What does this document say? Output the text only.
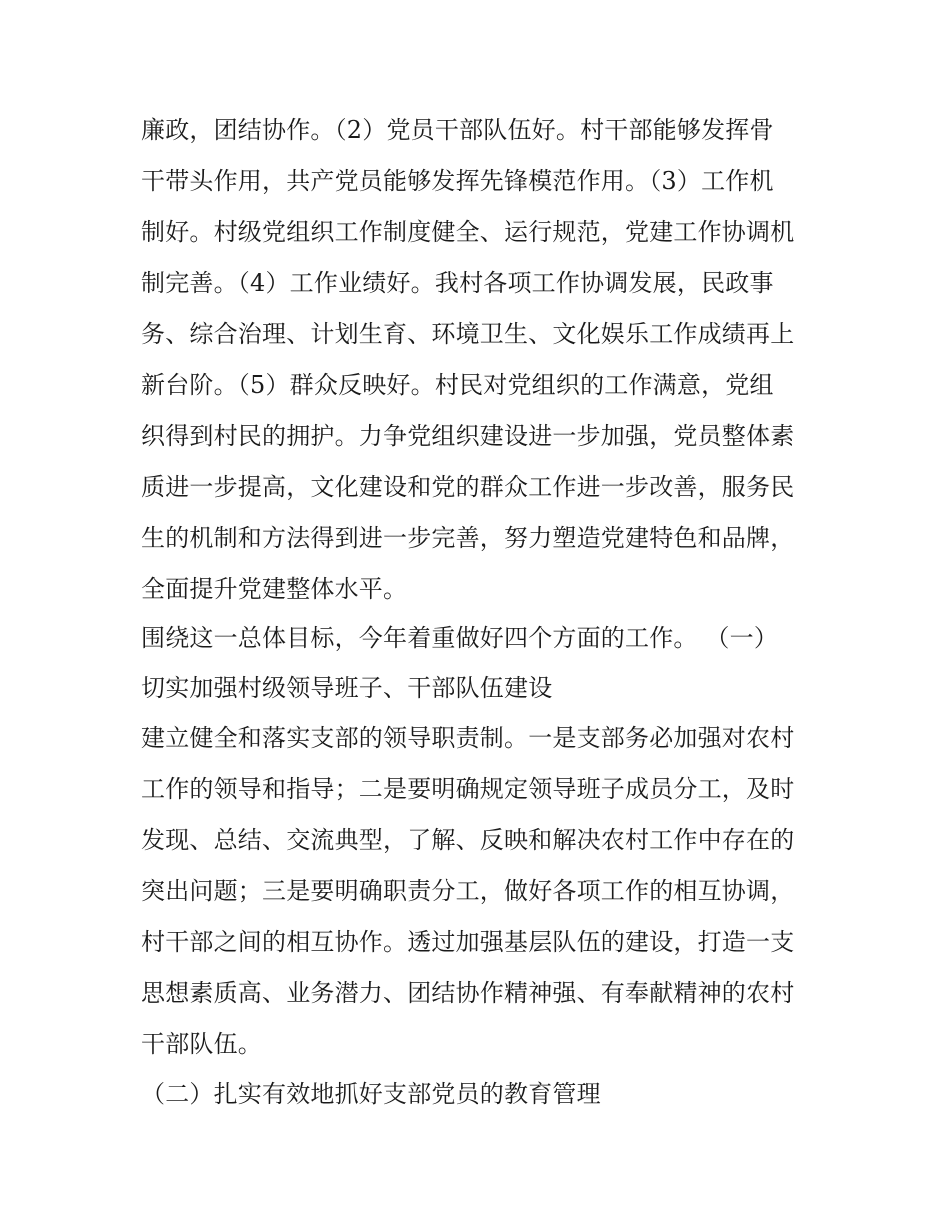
廉政，团结协作。（2）党员干部队伍好。村干部能够发挥骨
干带头作用，共产党员能够发挥先锋模范作用。（3）工作机
制好。村级党组织工作制度健全、运行规范，党建工作协调机
制完善。（4）工作业绩好。我村各项工作协调发展，民政事
务、综合治理、计划生育、环境卫生、文化娱乐工作成绩再上
新台阶。（5）群众反映好。村民对党组织的工作满意，党组
织得到村民的拥护。力争党组织建设进一步加强，党员整体素
质进一步提高，文化建设和党的群众工作进一步改善，服务民
生的机制和方法得到进一步完善，努力塑造党建特色和品牌，
全面提升党建整体水平。
围绕这一总体目标，今年着重做好四个方面的工作。 （一）
切实加强村级领导班子、干部队伍建设
建立健全和落实支部的领导职责制。一是支部务必加强对农村
工作的领导和指导；二是要明确规定领导班子成员分工，及时
发现、总结、交流典型，了解、反映和解决农村工作中存在的
突出问题；三是要明确职责分工，做好各项工作的相互协调，
村干部之间的相互协作。透过加强基层队伍的建设，打造一支
思想素质高、业务潜力、团结协作精神强、有奉献精神的农村
干部队伍。
（二）扎实有效地抓好支部党员的教育管理
